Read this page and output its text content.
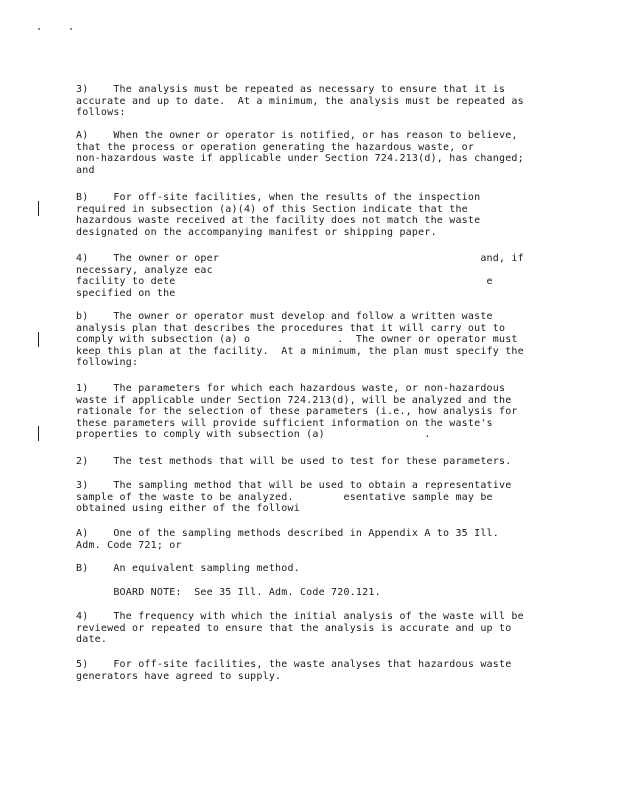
3)    The analysis must be repeated as necessary to ensure that it is

accurate and up to date.  At a minimum, the analysis must be repeated as

follows:

A)    When the owner or operator is notified, or has reason to believe,

that the process or operation generating the hazardous waste, or

non-hazardous waste if applicable under Section 724.213(d), has changed;

and

B)    For off-site facilities, when the results of the inspection

required in subsection (a)(4) of this Section indicate that the

hazardous waste received at the facility does not match the waste

designated on the accompanying manifest or shipping paper.

4)    The owner or oper                                          and, if

necessary, analyze eac

facility to dete                                                  e

specified on the

b)    The owner or operator must develop and follow a written waste

analysis plan that describes the procedures that it will carry out to

comply with subsection (a) o              .  The owner or operator must

keep this plan at the facility.  At a minimum, the plan must specify the

following:

1)    The parameters for which each hazardous waste, or non-hazardous

waste if applicable under Section 724.213(d), will be analyzed and the

rationale for the selection of these parameters (i.e., how analysis for

these parameters will provide sufficient information on the waste's

properties to comply with subsection (a)                .

2)    The test methods that will be used to test for these parameters.

3)    The sampling method that will be used to obtain a representative

sample of the waste to be analyzed.        esentative sample may be

obtained using either of the followi

A)    One of the sampling methods described in Appendix A to 35 Ill.

Adm. Code 721; or

B)    An equivalent sampling method.

BOARD NOTE:  See 35 Ill. Adm. Code 720.121.

4)    The frequency with which the initial analysis of the waste will be

reviewed or repeated to ensure that the analysis is accurate and up to

date.

5)    For off-site facilities, the waste analyses that hazardous waste

generators have agreed to supply.
